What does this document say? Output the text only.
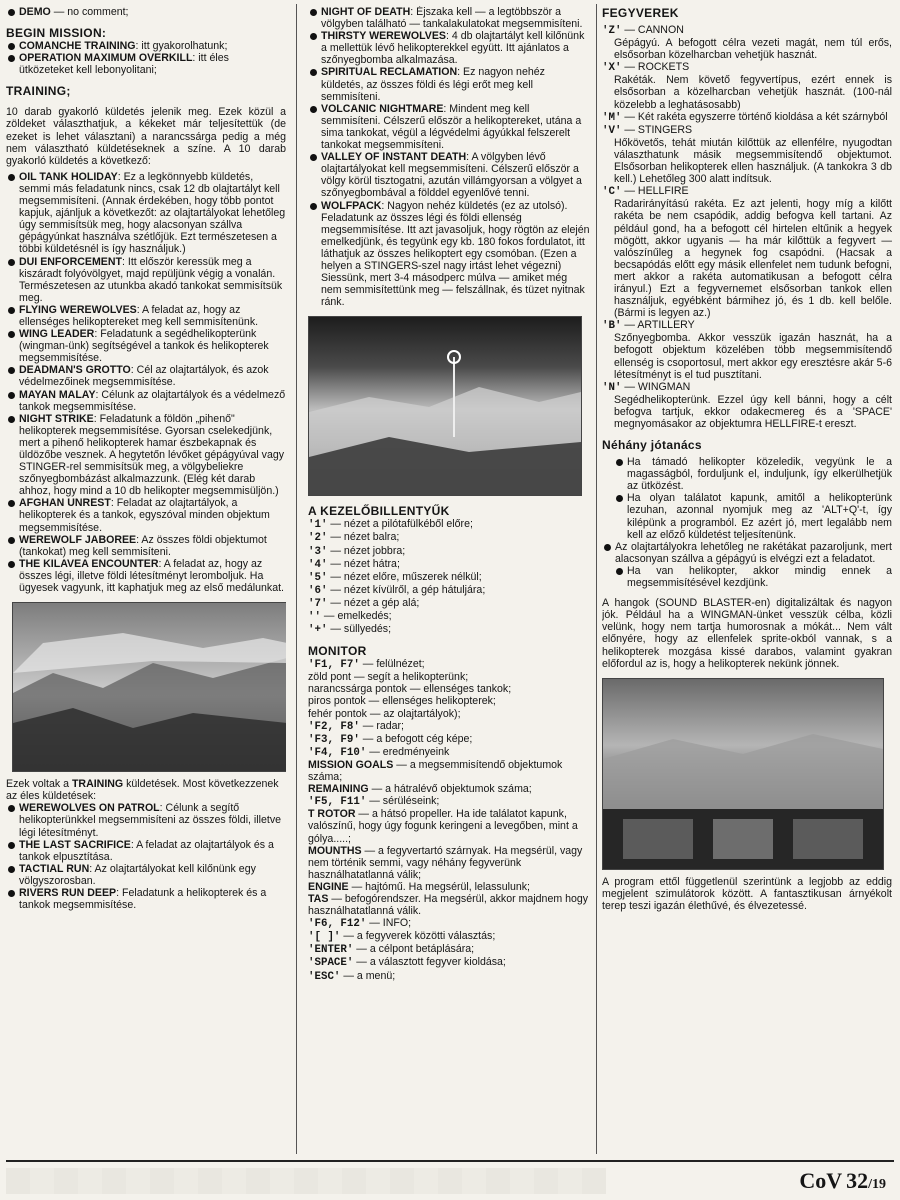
DEMO — no comment;

BEGIN MISSION:

COMANCHE TRAINING: itt gyakorolhatunk;
OPERATION MAXIMUM OVERKILL: itt éles ütközeteket kell lebonyolitani;

TRAINING;

10 darab gyakorló küldetés jelenik meg. Ezek közül a zöldeket választhatjuk, a kékeket már teljesítettük (de ezeket is lehet választani) a narancssárga pedig a még nem választható küldetéseknek a színe. A 10 darab gyakorló küldetés a következő:

OIL TANK HOLIDAY: Ez a legkönnyebb küldetés, semmi más feladatunk nincs, csak 12 db olajtartályt kell megsemmisíteni. (Annak érdekében, hogy több pontot kapjuk, ajánljuk a következőt: az olajtartályokat lehetőleg úgy semmisítsük meg, hogy alacsonyan szállva gépágyúnkat használva szétlőjük. Ezt természetesen a többi küldetésnél is így használjuk.)
DUI ENFORCEMENT: Itt először keressük meg a kiszáradt folyóvölgyet, majd repüljünk végig a vonalán. Természetesen az utunkba akadó tankokat semmisítsük meg.
FLYING WEREWOLVES: A feladat az, hogy az ellenséges helikoptereket meg kell semmisítenünk.
WING LEADER: Feladatunk a segédhelikopterünk (wingman-ünk) segítségével a tankok és helikopterek megsemmisítése.
DEADMAN'S GROTTO: Cél az olajtartályok, és azok védelmezőinek megsemmisítése.
MAYAN MALAY: Célunk az olajtartályok és a védelmező tankok megsemmisítése.
NIGHT STRIKE: Feladatunk a földön „pihenő" helikopterek megsemmisítése. Gyorsan cselekedjünk, mert a pihenő helikopterek hamar észbekapnak és üldözőbe vesznek. A hegytetőn lévőket gépágyúval vagy STINGER-rel semmisítsük meg, a völgybeliekre szőnyegbombázást alkalmazzunk. (Elég két darab ahhoz, hogy mind a 10 db helikopter megsemmisüljön.)
AFGHAN UNREST: Feladat az olajtartályok, a helikopterek és a tankok, egyszóval minden objektum megsemmisítése.
WEREWOLF JABOREE: Az összes földi objektumot (tankokat) meg kell semmisíteni.
THE KILAVEA ENCOUNTER: A feladat az, hogy az összes légi, illetve földi létesítményt leromboljuk. Ha ügyesek vagyunk, itt kaphatjuk meg az első medálunkat.

Ezek voltak a TRAINING küldetések. Most következzenek az éles küldetések:

WEREWOLVES ON PATROL: Célunk a segítő helikopterünkkel megsemmisíteni az összes földi, illetve légi létesítményt.
THE LAST SACRIFICE: A feladat az olajtartályok és a tankok elpusztítása.
TACTIAL RUN: Az olajtartályokat kell kilőnünk egy völgyszorosban.
RIVERS RUN DEEP: Feladatunk a helikopterek és a tankok megsemmisítése.
NIGHT OF DEATH: Éjszaka kell — a legtöbbször a völgyben található — tankalakulatokat megsemmisíteni.
THIRSTY WEREWOLVES: 4 db olajtartályt kell kilőnünk a mellettük lévő helikopterekkel együtt. Itt ajánlatos a szőnyegbomba alkalmazása.
SPIRITUAL RECLAMATION: Ez nagyon nehéz küldetés, az összes földi és légi erőt meg kell semmisíteni.
VOLCANIC NIGHTMARE: Mindent meg kell semmisíteni. Célszerű először a helikoptereket, utána a sima tankokat, végül a légvédelmi ágyúkkal felszerelt tankokat megsemmisíteni.
VALLEY OF INSTANT DEATH: A völgyben lévő olajtartályokat kell megsemmisíteni. Célszerű először a völgy körül tisztogatni, azután villámgyorsan a völgyet a szőnyegbombával a földdel egyenlővé tenni.
WOLFPACK: Nagyon nehéz küldetés (ez az utolsó). Feladatunk az összes légi és földi ellenség megsemmisítése. Itt azt javasoljuk, hogy rögtön az elején emelkedjünk, és tegyünk egy kb. 180 fokos fordulatot, itt láthatjuk az összes helikoptert egy csomóban. (Ezen a helyen a STINGERS-szel nagy irtást lehet végezni) Siessünk, mert 3-4 másodperc múlva — amiket még nem semmisítettünk meg — felszállnak, és tüzet nyitnak ránk.

A KEZELŐBILLENTYŰK

'1' — nézet a pilótafülkéből előre;

'2' — nézet balra;

'3' — nézet jobbra;

'4' — nézet hátra;

'5' — nézet előre, műszerek nélkül;

'6' — nézet kívülről, a gép hátuljára;

'7' — nézet a gép alá;

'' — emelkedés;

'+' — süllyedés;

MONITOR

'F1, F7' — felülnézet;

zöld pont — segít a helikopterünk;

narancssárga pontok — ellenséges tankok;

piros pontok — ellenséges helikopterek;

fehér pontok — az olajtartályok);

'F2, F8' — radar;

'F3, F9' — a befogott cég képe;

'F4, F10' — eredményeink

MISSION GOALS — a megsemmisítendő objektumok száma;

REMAINING — a hátralévő objektumok száma;

'F5, F11' — sérüléseink;

T ROTOR — a hátsó propeller. Ha ide találatot kapunk, valószínű, hogy úgy fogunk keringeni a levegőben, mint a gólya.....;

MOUNTHS — a fegyvertartó szárnyak. Ha megsérül, vagy nem történik semmi, vagy néhány fegyverünk használhatatlanná válik;

ENGINE — hajtómű. Ha megsérül, lelassulunk;

TAS — befogórendszer. Ha megsérül, akkor majdnem hogy használhatatlanná válik.

'F6, F12' — INFO;

'[ ]' — a fegyverek közötti választás;

'ENTER' — a célpont betáplására;

'SPACE' — a választott fegyver kioldása;

'ESC' — a menü;

FEGYVEREK

'Z' — CANNON

Gépágyú. A befogott célra vezeti magát, nem túl erős, elsősorban közelharcban vehetjük hasznát.

'X' — ROCKETS

Rakéták. Nem követő fegyvertípus, ezért ennek is elsősorban a közelharcban vehetjük hasznát. (100-nál közelebb a leghatásosabb)

'M' — Két rakéta egyszerre történő kioldása a két szárnyból

'V' — STINGERS

Hőkövetős, tehát miután kilőttük az ellenfélre, nyugodtan választhatunk másik megsemmisítendő objektumot. Elsősorban helikopterek ellen használjuk. (A tankokra 3 db kell.) Lehetőleg 300 alatt indítsuk.

'C' — HELLFIRE

Radarirányítású rakéta. Ez azt jelenti, hogy míg a kilőtt rakéta be nem csapódik, addig befogva kell tartani. Az például gond, ha a befogott cél hirtelen eltűnik a hegyek mögött, akkor ugyanis — ha már kilőttük a fegyvert — valószínűleg a hegynek fog csapódni. (Hacsak a becsapódás előtt egy másik ellenfelet nem tudunk befogni, mert akkor a rakéta automatikusan a befogott célra irányul.) Ezt a fegyvernemet elsősorban tankok ellen használjuk, egyébként bármihez jó, és 1 db. kell belőle. (Bármi is legyen az.)

'B' — ARTILLERY

Szőnyegbomba. Akkor vesszük igazán hasznát, ha a befogott objektum közelében több megsemmisítendő ellenség is csoportosul, mert akkor egy eresztésre akár 5-6 létesítményt is el tud pusztítani.

'N' — WINGMAN

Segédhelikopterünk. Ezzel úgy kell bánni, hogy a célt befogva tartjuk, ekkor odakecmereg és a 'SPACE' megnyomásakor az objektumra HELLFIRE-t ereszt.

Néhány jótanács

Ha támadó helikopter közeledik, vegyünk le a magasságból, forduljunk el, induljunk, így elkerülhetjük az ütközést.

Ha olyan találatot kapunk, amitől a helikopterünk lezuhan, azonnal nyomjuk meg az 'ALT+Q'-t, így kilépünk a programból. Ez azért jó, mert legalább nem kell az előző küldetést teljesítenünk.

Az olajtartályokra lehetőleg ne rakétákat pazaroljunk, mert alacsonyan szállva a gépágyú is elvégzi ezt a feladatot.

Ha van helikopter, akkor mindig ennek a megsemmisítésével kezdjünk.

A hangok (SOUND BLASTER-en) digitalizáltak és nagyon jók. Például ha a WINGMAN-ünket vesszük célba, közli velünk, hogy nem tartja humorosnak a mókát... Nem vált előnyére, hogy az ellenfelek sprite-okból vannak, s a helikopterek mozgása kissé darabos, valamint gyakran előfordul az is, hogy a helikopterek nekünk jönnek.

A program ettől függetlenül szerintünk a legjobb az eddig megjelent szimulátorok között. A fantasztikusan árnyékolt terep teszi igazán élethűvé, és élvezetessé.

CoV 32/19
